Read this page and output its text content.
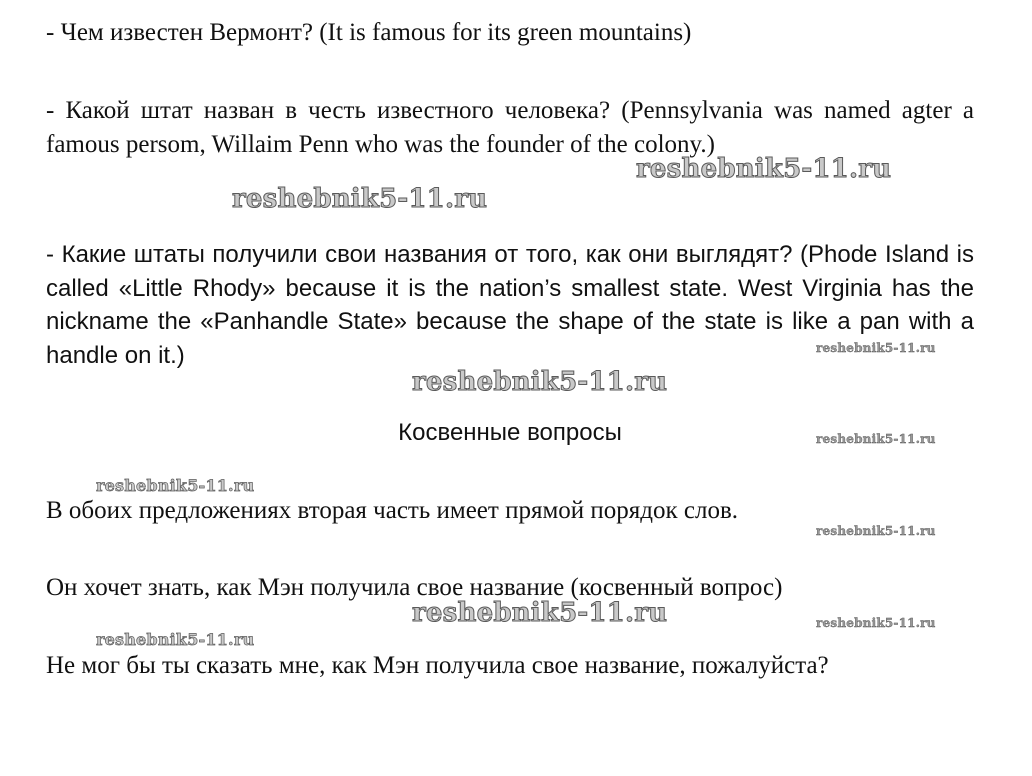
- Чем известен Вермонт? (It is famous for its green mountains)

- Какой штат назван в честь известного человека? (Pennsylvania was named agter a famous persom, Willaim Penn who was the founder of the colony.)

- Какие штаты получили свои названия от того, как они выглядят? (Phode Island is called «Little Rhody» because it is the nation’s smallest state. West Virginia has the nickname the «Panhandle State» because the shape of the state is like a pan with a handle on it.)

Косвенные вопросы

В обоих предложениях вторая часть имеет прямой порядок слов.

Он хочет знать, как Мэн получила свое название (косвенный вопрос)

Не мог бы ты сказать мне, как Мэн получила свое название, пожалуйста?

reshebnik5-11.ru
reshebnik5-11.ru
reshebnik5-11.ru
reshebnik5-11.ru
reshebnik5-11.ru
reshebnik5-11.ru
reshebnik5-11.ru
reshebnik5-11.ru	reshebnik5-11.ru
reshebnik5-11.ru
